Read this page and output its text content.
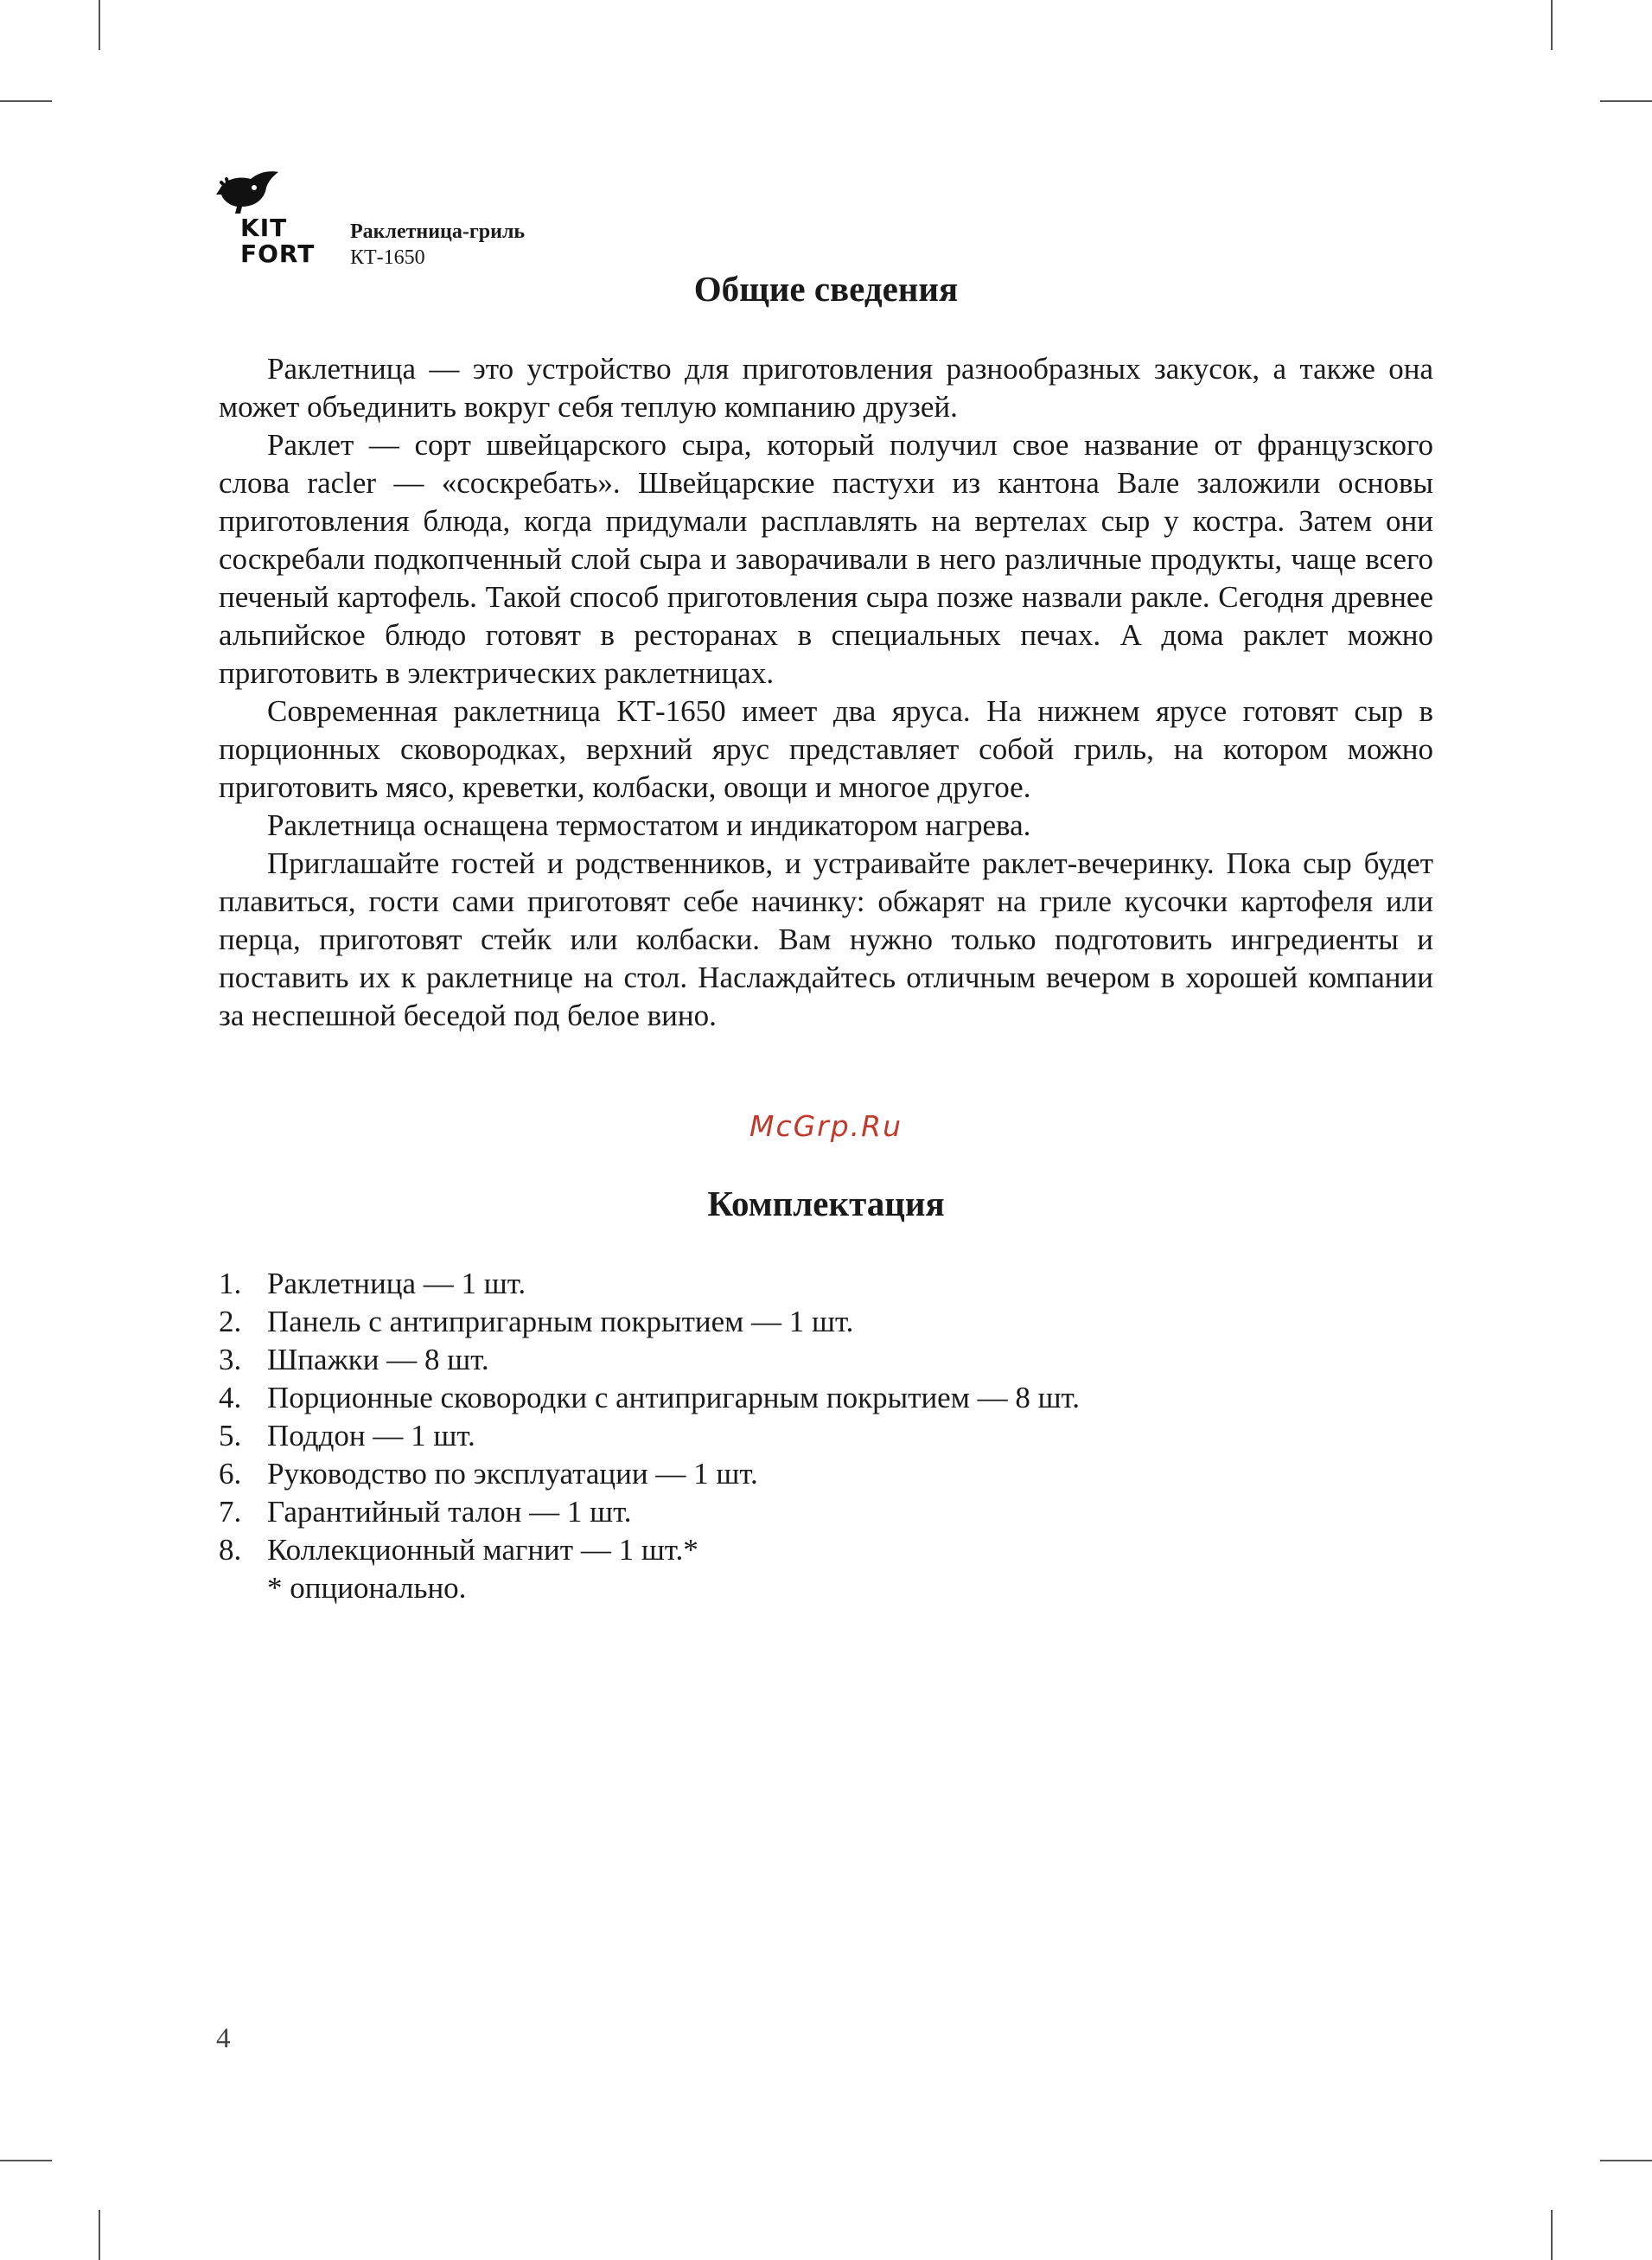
KIT
FORT
Раклетница-гриль
КТ-1650
Общие сведения

Раклетница — это устройство для приготовления разнообразных закусок, а также она может объединить вокруг себя теплую компанию друзей.

Раклет — сорт швейцарского сыра, который получил свое название от французского слова racler — «соскребать». Швейцарские пастухи из кантона Вале заложили основы приготовления блюда, когда придумали расплавлять на вертелах сыр у костра. Затем они соскребали подкопченный слой сыра и заворачивали в него различные продукты, чаще всего печеный картофель. Такой способ приготовления сыра позже назвали ракле. Сегодня древнее альпийское блюдо готовят в ресторанах в специальных печах. А дома раклет можно приготовить в электрических раклетницах.

Современная раклетница КТ-1650 имеет два яруса. На нижнем ярусе готовят сыр в порционных сковородках, верхний ярус представляет собой гриль, на котором можно приготовить мясо, креветки, колбаски, овощи и многое другое.

Раклетница оснащена термостатом и индикатором нагрева.

Приглашайте гостей и родственников, и устраивайте раклет-вечеринку. Пока сыр будет плавиться, гости сами приготовят себе начинку: обжарят на гриле кусочки картофеля или перца, приготовят стейк или колбаски. Вам нужно только подготовить ингредиенты и поставить их к раклетнице на стол. Наслаждайтесь отличным вечером в хорошей компании за неспешной беседой под белое вино.

McGrp.Ru
Комплектация
1. Раклетница — 1 шт.
2. Панель с антипригарным покрытием — 1 шт.
3. Шпажки — 8 шт.
4. Порционные сковородки с антипригарным покрытием — 8 шт.
5. Поддон — 1 шт.
6. Руководство по эксплуатации — 1 шт.
7. Гарантийный талон — 1 шт.
8. Коллекционный магнит — 1 шт.*
* опционально.
4
